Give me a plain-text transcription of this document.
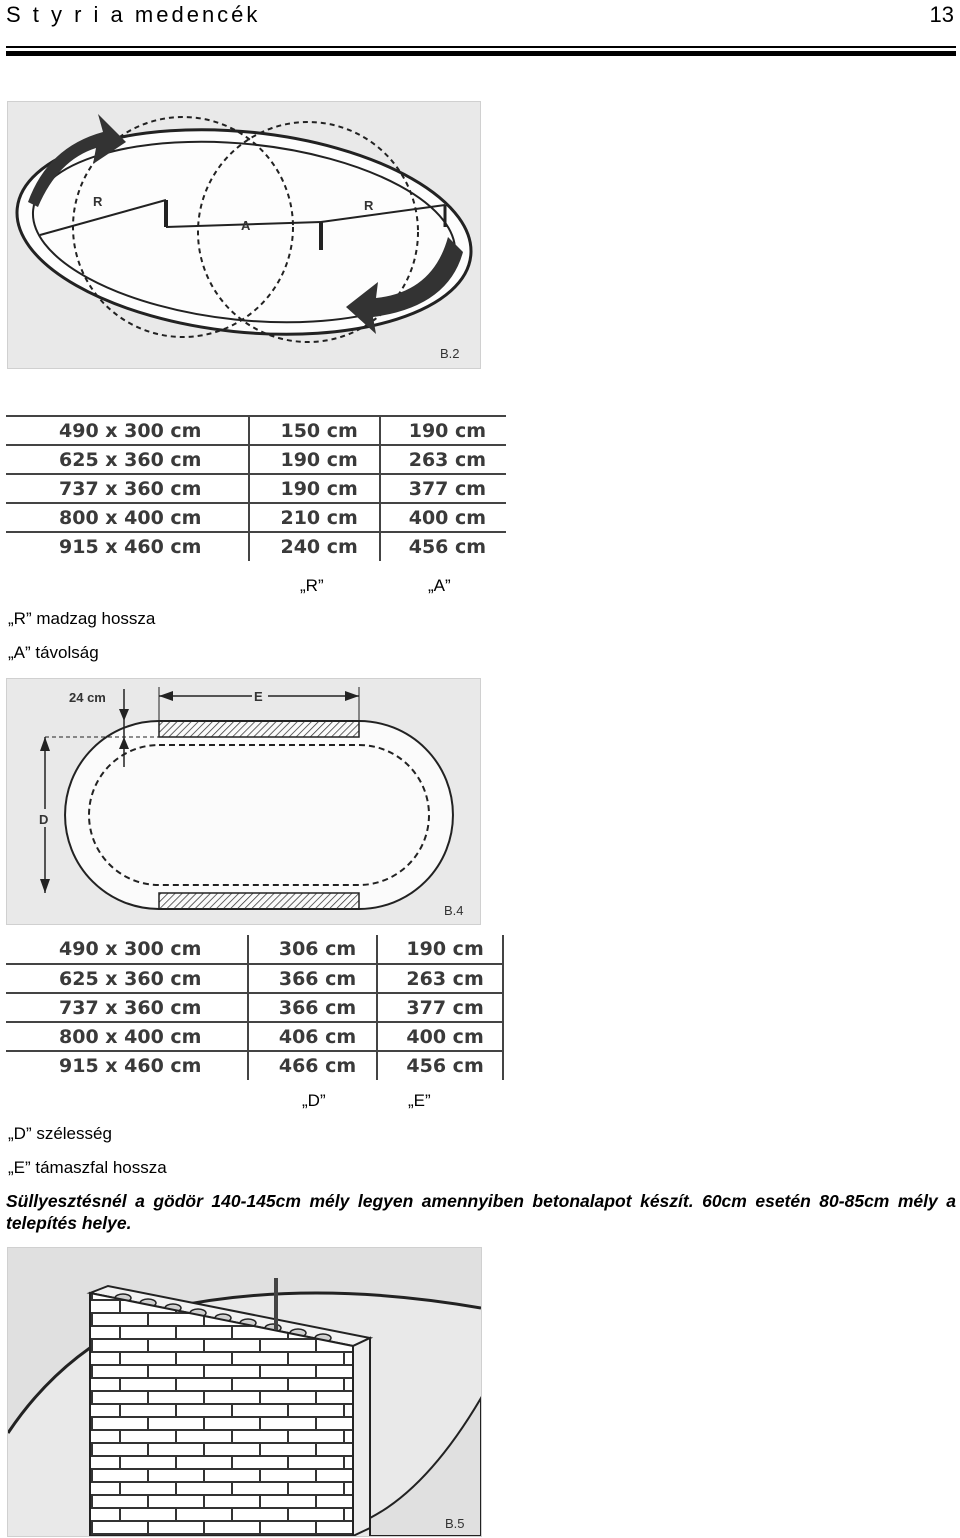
S t y r i a medencék	13
R
A
R
B.2
490 x 300 cm	150 cm	190 cm
625 x 360 cm	190 cm	263 cm
737 x 360 cm	190 cm	377 cm
800 x 400 cm	210 cm	400 cm
915 x 460 cm	240 cm	456 cm
„R”	„A”
„R” madzag hossza
„A” távolság
E
24 cm
D
B.4
490 x 300 cm	306 cm	190 cm
625 x 360 cm	366 cm	263 cm
737 x 360 cm	366 cm	377 cm
800 x 400 cm	406 cm	400 cm
915 x 460 cm	466 cm	456 cm
„D”	„E”
„D” szélesség
„E” támaszfal hossza
Süllyesztésnél a gödör 140-145cm mély legyen amennyiben betonalapot készít. 60cm esetén 80-85cm mély a telepítés helye.
B.5
